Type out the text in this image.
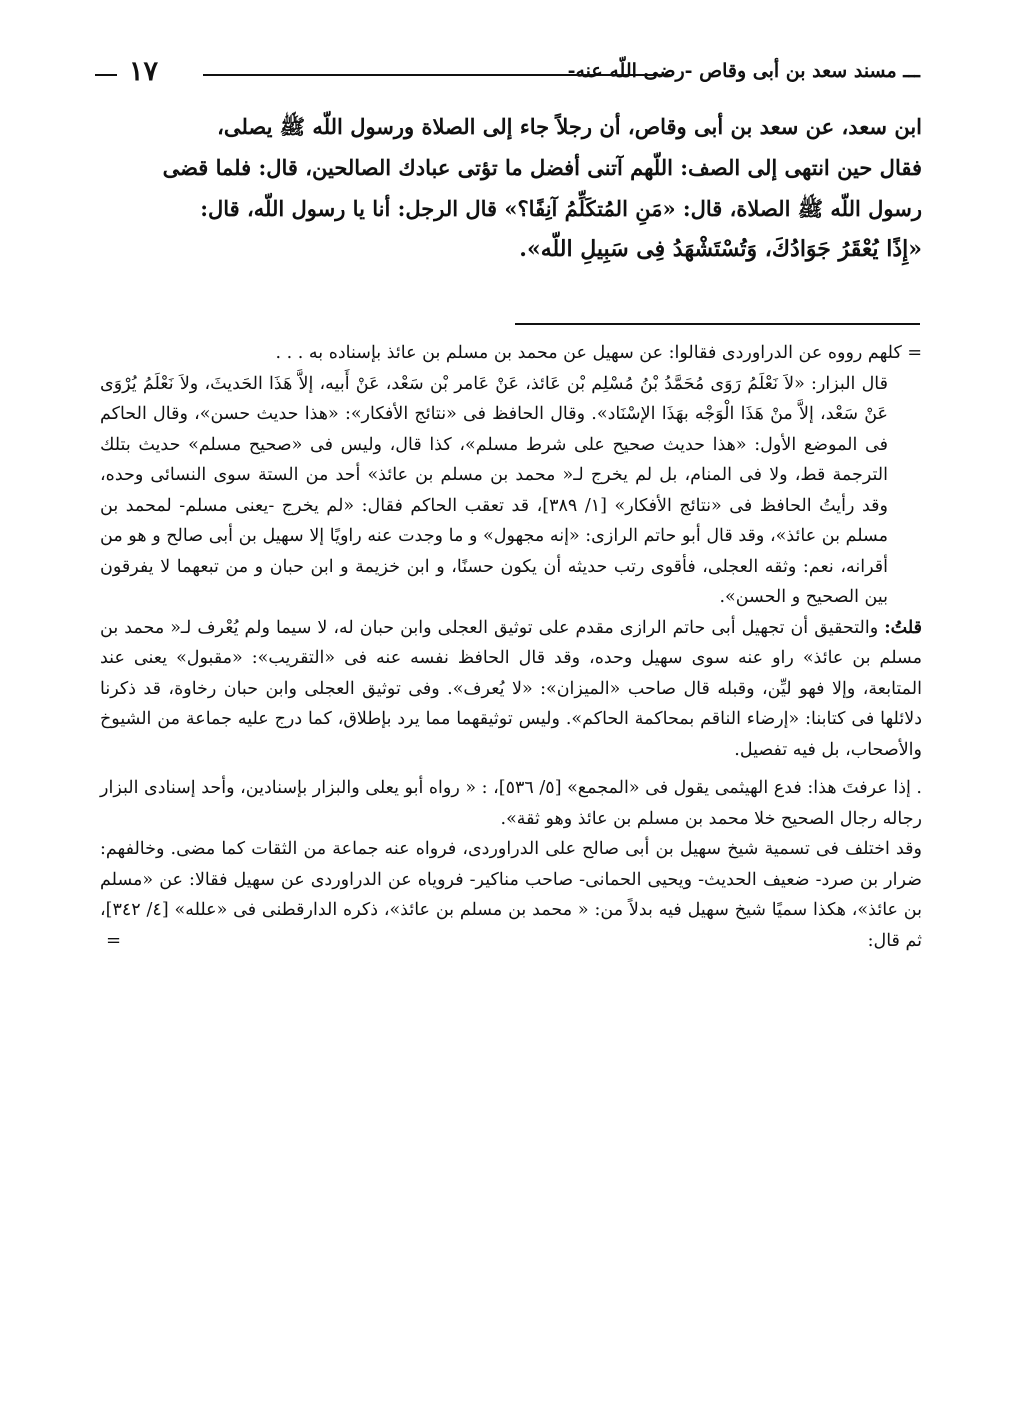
ـــ مسند سعد بن أبى وقاص -رضى اللّه عنه-
١٧

ابن سعد، عن سعد بن أبى وقاص، أن رجلاً جاء إلى الصلاة ورسول اللّه ﷺ يصلى،

فقال حين انتهى إلى الصف: اللّهم آتنى أفضل ما تؤتى عبادك الصالحين، قال: فلما قضى

رسول اللّه ﷺ الصلاة، قال: «مَنِ المُتكَلِّمُ آنِفًا؟» قال الرجل: أنا يا رسول اللّه، قال:

«إِذًا يُعْقَرُ جَوَادُكَ، وَتُسْتَشْهَدُ فِى سَبِيلِ اللّه».

= كلهم رووه عن الدراوردى فقالوا: عن سهيل عن محمد بن مسلم بن عائذ بإسناده به . . .

قال البزار: «لاَ نَعْلَمُ رَوَى مُحَمَّدُ بْنُ مُسْلِم بْن عَائذ، عَنْ عَامر بْن سَعْد، عَنْ أَبيه، إلاَّ هَذَا الحَديثَ، ولاَ نَعْلَمُ يُرْوَى عَنْ سَعْد، إلاَّ منْ هَذَا الْوَجْه بهَذَا الإسْنَاد». وقال الحافظ فى «نتائج الأفكار»: «هذا حديث حسن»، وقال الحاكم فى الموضع الأول: «هذا حديث صحيح على شرط مسلم»، كذا قال، وليس فى «صحيح مسلم» حديث بتلك الترجمة قط، ولا فى المنام، بل لم يخرج لـ« محمد بن مسلم بن عائذ» أحد من الستة سوى النسائى وحده، وقد رأيتُ الحافظ فى «نتائج الأفكار» [١/ ٣٨٩]، قد تعقب الحاكم فقال: «لم يخرج -يعنى مسلم- لمحمد بن مسلم بن عائذ»، وقد قال أبو حاتم الرازى: «إنه مجهول» و ما وجدت عنه راويًا إلا سهيل بن أبى صالح و هو من أقرانه، نعم: وثقه العجلى، فأقوى رتب حديثه أن يكون حسنًا، و ابن خزيمة و ابن حبان و من تبعهما لا يفرقون بين الصحيح و الحسن».

قلتُ: والتحقيق أن تجهيل أبى حاتم الرازى مقدم على توثيق العجلى وابن حبان له، لا سيما ولم يُعْرف لـ« محمد بن مسلم بن عائذ» راو عنه سوى سهيل وحده، وقد قال الحافظ نفسه عنه فى «التقريب»: «مقبول» يعنى عند المتابعة، وإلا فهو ليِّن، وقبله قال صاحب «الميزان»: «لا يُعرف». وفى توثيق العجلى وابن حبان رخاوة، قد ذكرنا دلائلها فى كتابنا: «إرضاء الناقم بمحاكمة الحاكم». وليس توثيقهما مما يرد بإطلاق، كما درج عليه جماعة من الشيوخ والأصحاب، بل فيه تفصيل.

. إذا عرفتَ هذا: فدع الهيثمى يقول فى «المجمع» [٥/ ٥٣٦]، : « رواه أبو يعلى والبزار بإسنادين، وأحد إسنادى البزار رجاله رجال الصحيح خلا محمد بن مسلم بن عائذ وهو ثقة».

وقد اختلف فى تسمية شيخ سهيل بن أبى صالح على الدراوردى، فرواه عنه جماعة من الثقات كما مضى. وخالفهم: ضرار بن صرد- ضعيف الحديث- ويحيى الحمانى- صاحب مناكير- فروياه عن الدراوردى عن سهيل فقالا: عن «مسلم بن عائذ»، هكذا سميًا شيخ سهيل فيه بدلاً من: « محمد بن مسلم بن عائذ»، ذكره الدارقطنى فى «علله» [٤/ ٣٤٢]، ثم قال:
=
